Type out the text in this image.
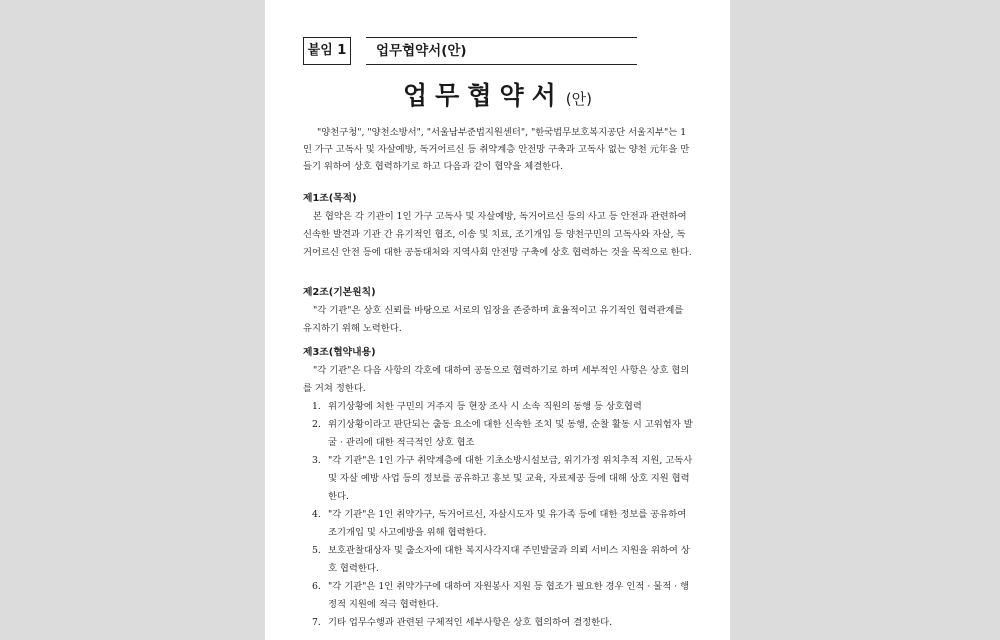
붙임 1	업무협약서(안)
업무협약서 (안)
"양천구청", "양천소방서", "서울남부준법지원센터", "한국법무보호복지공단 서울지부"는 1인 가구 고독사 및 자살예방, 독거어르신 등 취약계층 안전망 구축과 고독사 없는 양천 元年을 만들기 위하여 상호 협력하기로 하고 다음과 같이 협약을 체결한다.
제1조(목적)
본 협약은 각 기관이 1인 가구 고독사 및 자살예방, 독거어르신 등의 사고 등 안전과 관련하여 신속한 발견과 기관 간 유기적인 협조, 이송 및 치료, 조기개입 등 양천구민의 고독사와 자살, 독거어르신 안전 등에 대한 공동대처와 지역사회 안전망 구축에 상호 협력하는 것을 목적으로 한다.
제2조(기본원칙)
"각 기관"은 상호 신뢰를 바탕으로 서로의 입장을 존중하며 효율적이고 유기적인 협력관계를 유지하기 위해 노력한다.
제3조(협약내용)
"각 기관"은 다음 사항의 각호에 대하여 공동으로 협력하기로 하며 세부적인 사항은 상호 협의를 거쳐 정한다.
1. 위기상황에 처한 구민의 거주지 등 현장 조사 시 소속 직원의 동행 등 상호협력
2. 위기상황이라고 판단되는 출동 요소에 대한 신속한 조치 및 동행, 순찰 활동 시 고위험자 발굴 · 관리에 대한 적극적인 상호 협조
3. "각 기관"은 1인 가구 취약계층에 대한 기초소방시설보급, 위기가정 위치추적 지원, 고독사 및 자살 예방 사업 등의 정보를 공유하고 홍보 및 교육, 자료제공 등에 대해 상호 지원 협력한다.
4. "각 기관"은 1인 취약가구, 독거어르신, 자살시도자 및 유가족 등에 대한 정보를 공유하여 조기개입 및 사고예방을 위해 협력한다.
5. 보호관찰대상자 및 출소자에 대한 복지사각지대 주민발굴과 의뢰 서비스 지원을 위하여 상호 협력한다.
6. "각 기관"은 1인 취약가구에 대하여 자원봉사 지원 등 협조가 필요한 경우 인적 · 물적 · 행정적 지원에 적극 협력한다.
7. 기타 업무수행과 관련된 구체적인 세부사항은 상호 협의하여 결정한다.
